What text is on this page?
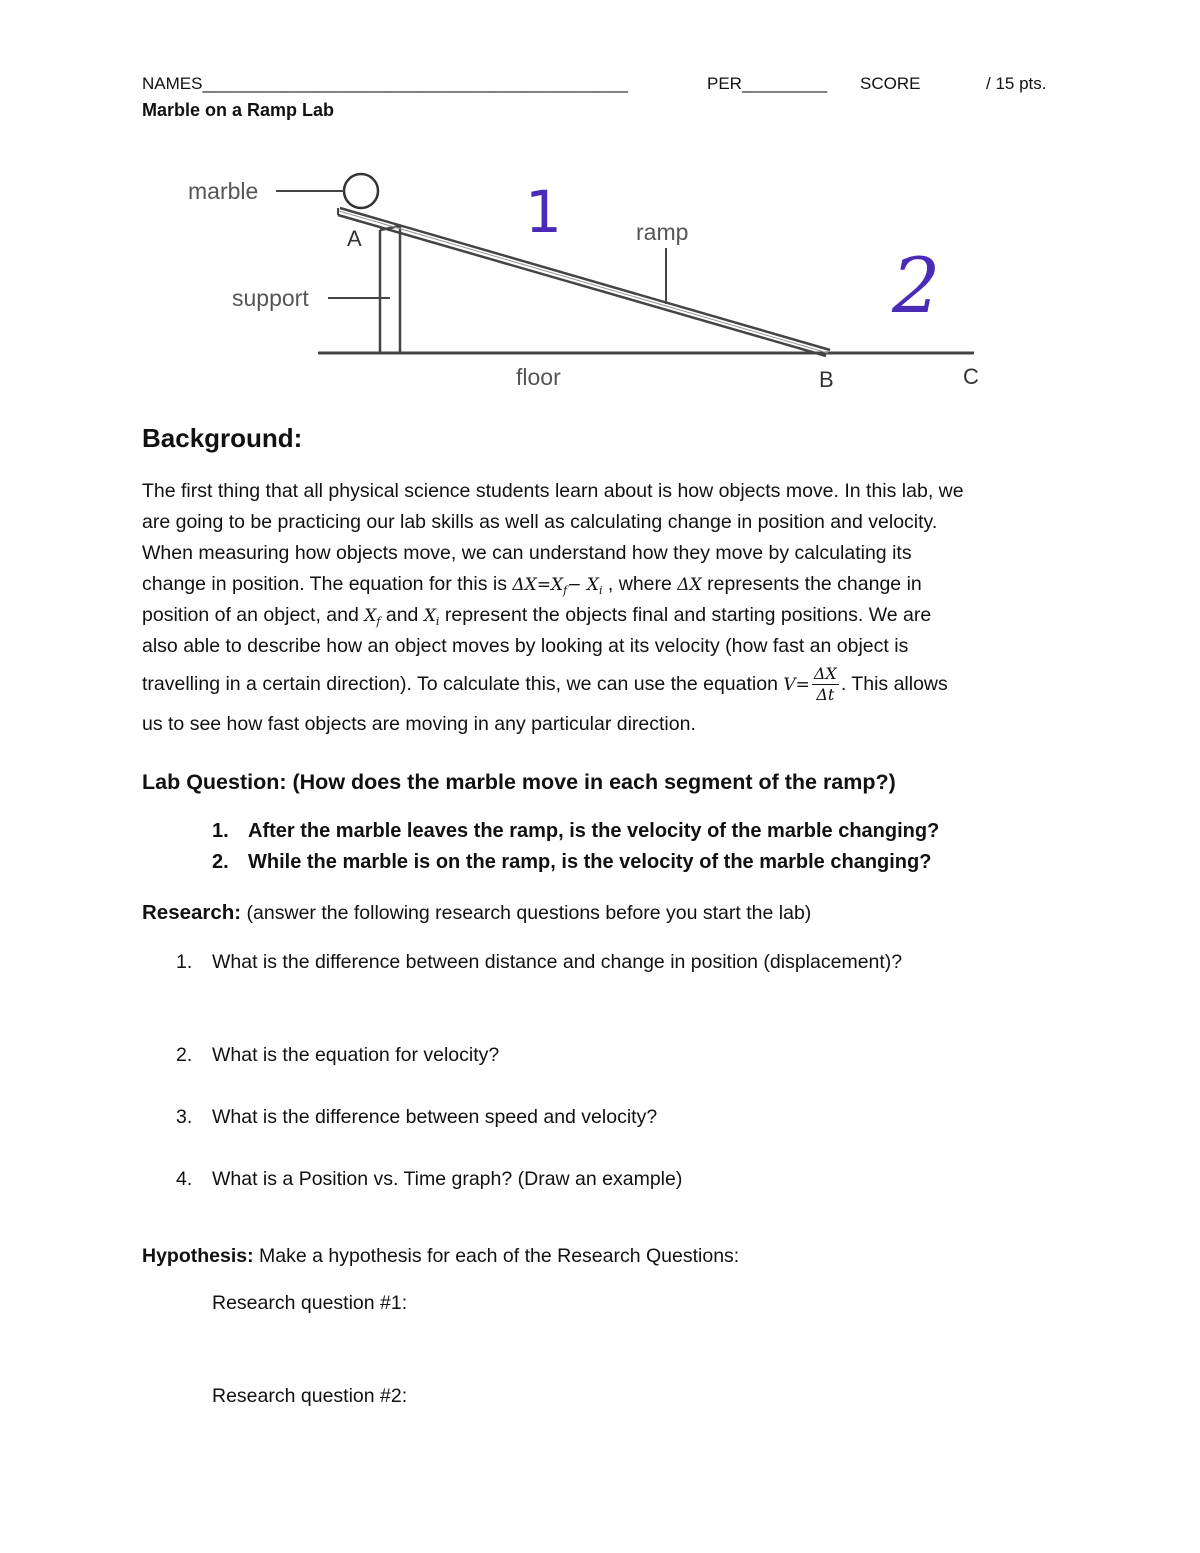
NAMES_____________________________________________	PER_________ SCORE	/ 15 pts.
Marble on a Ramp Lab
marble
A
support
ramp
1
2
floor	B	C
Background:
The first thing that all physical science students learn about is how objects move. In this lab, we
are going to be practicing our lab skills as well as calculating change in position and velocity.
When measuring how objects move, we can understand how they move by calculating its
change in position. The equation for this is $\Delta X=X_f- X_i$ , where ΔX represents the change in
position of an object, and $X_f$ and $X_i$ represent the objects final and starting positions. We are
also able to describe how an object moves by looking at its velocity (how fast an object is
travelling in a certain direction). To calculate this, we can use the equation $V= \frac{\Delta X}{\Delta t}$ . This allows
us to see how fast objects are moving in any particular direction.
Lab Question: (How does the marble move in each segment of the ramp?)
1. After the marble leaves the ramp, is the velocity of the marble changing?
2. While the marble is on the ramp, is the velocity of the marble changing?
Research: (answer the following research questions before you start the lab)
1. What is the difference between distance and change in position (displacement)?
2. What is the equation for velocity?
3. What is the difference between speed and velocity?
4. What is a Position vs. Time graph? (Draw an example)
Hypothesis: Make a hypothesis for each of the Research Questions:
Research question #1:
Research question #2:
